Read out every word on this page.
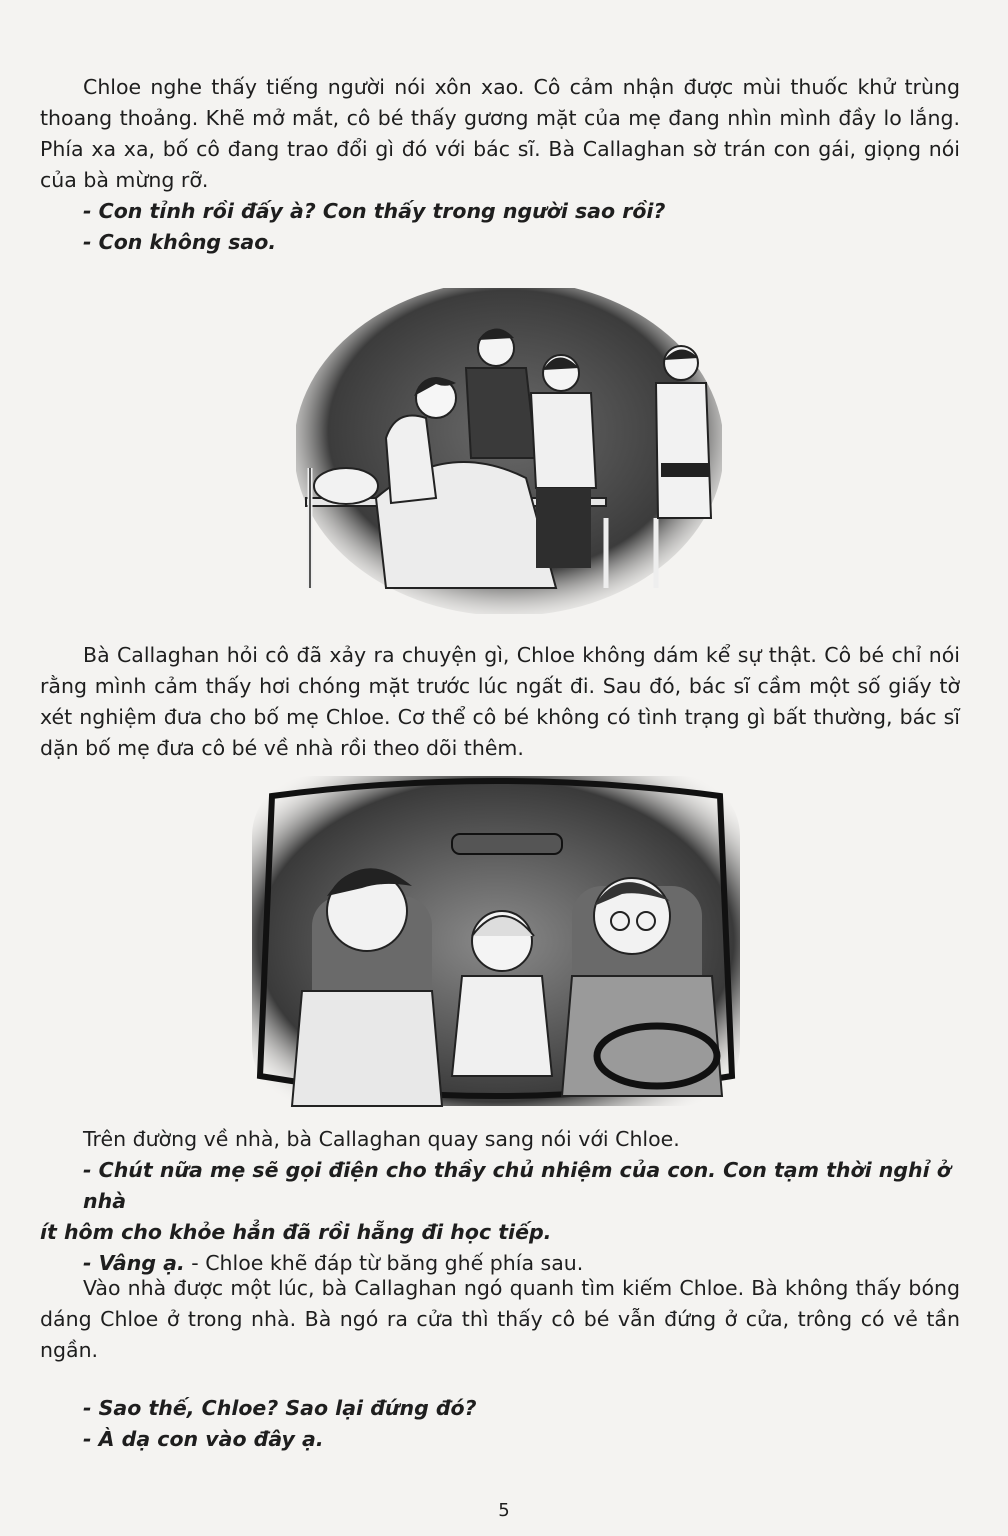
Chloe nghe thấy tiếng người nói xôn xao. Cô cảm nhận được mùi thuốc khử trùng thoang thoảng. Khẽ mở mắt, cô bé thấy gương mặt của mẹ đang nhìn mình đầy lo lắng. Phía xa xa, bố cô đang trao đổi gì đó với bác sĩ. Bà Callaghan sờ trán con gái, giọng nói của bà mừng rỡ.

- Con tỉnh rồi đấy à? Con thấy trong người sao rồi?

- Con không sao.

Bà Callaghan hỏi cô đã xảy ra chuyện gì, Chloe không dám kể sự thật. Cô bé chỉ nói rằng mình cảm thấy hơi chóng mặt trước lúc ngất đi. Sau đó, bác sĩ cầm một số giấy tờ xét nghiệm đưa cho bố mẹ Chloe. Cơ thể cô bé không có tình trạng gì bất thường, bác sĩ dặn bố mẹ đưa cô bé về nhà rồi theo dõi thêm.

Trên đường về nhà, bà Callaghan quay sang nói với Chloe.

- Chút nữa mẹ sẽ gọi điện cho thầy chủ nhiệm của con. Con tạm thời nghỉ ở nhà

ít hôm cho khỏe hẳn đã rồi hẵng đi học tiếp.

- Vâng ạ. - Chloe khẽ đáp từ băng ghế phía sau.

Vào nhà được một lúc, bà Callaghan ngó quanh tìm kiếm Chloe. Bà không thấy bóng dáng Chloe ở trong nhà. Bà ngó ra cửa thì thấy cô bé vẫn đứng ở cửa, trông có vẻ tần ngần.

- Sao thế, Chloe? Sao lại đứng đó?

- À dạ con vào đây ạ.

5
